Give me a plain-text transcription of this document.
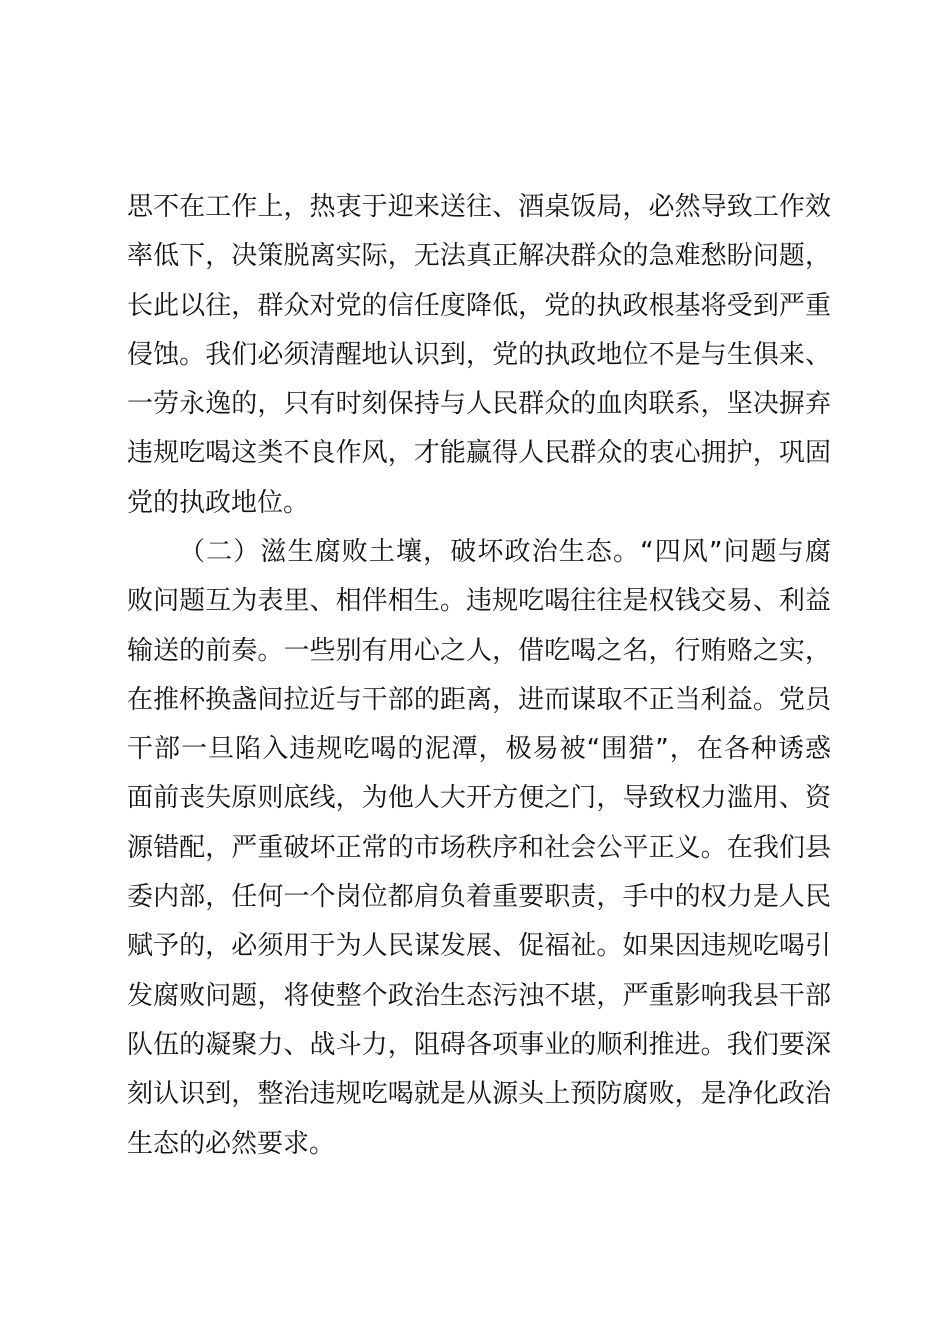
思不在工作上，热衷于迎来送往、酒桌饭局，必然导致工作效
率低下，决策脱离实际，无法真正解决群众的急难愁盼问题，
长此以往，群众对党的信任度降低，党的执政根基将受到严重
侵蚀。我们必须清醒地认识到，党的执政地位不是与生俱来、
一劳永逸的，只有时刻保持与人民群众的血肉联系，坚决摒弃
违规吃喝这类不良作风，才能赢得人民群众的衷心拥护，巩固
党的执政地位。
（二）滋生腐败土壤，破坏政治生态。“四风”问题与腐
败问题互为表里、相伴相生。违规吃喝往往是权钱交易、利益
输送的前奏。一些别有用心之人，借吃喝之名，行贿赂之实，
在推杯换盏间拉近与干部的距离，进而谋取不正当利益。党员
干部一旦陷入违规吃喝的泥潭，极易被“围猎”，在各种诱惑
面前丧失原则底线，为他人大开方便之门，导致权力滥用、资
源错配，严重破坏正常的市场秩序和社会公平正义。在我们县
委内部，任何一个岗位都肩负着重要职责，手中的权力是人民
赋予的，必须用于为人民谋发展、促福祉。如果因违规吃喝引
发腐败问题，将使整个政治生态污浊不堪，严重影响我县干部
队伍的凝聚力、战斗力，阻碍各项事业的顺利推进。我们要深
刻认识到，整治违规吃喝就是从源头上预防腐败，是净化政治
生态的必然要求。
